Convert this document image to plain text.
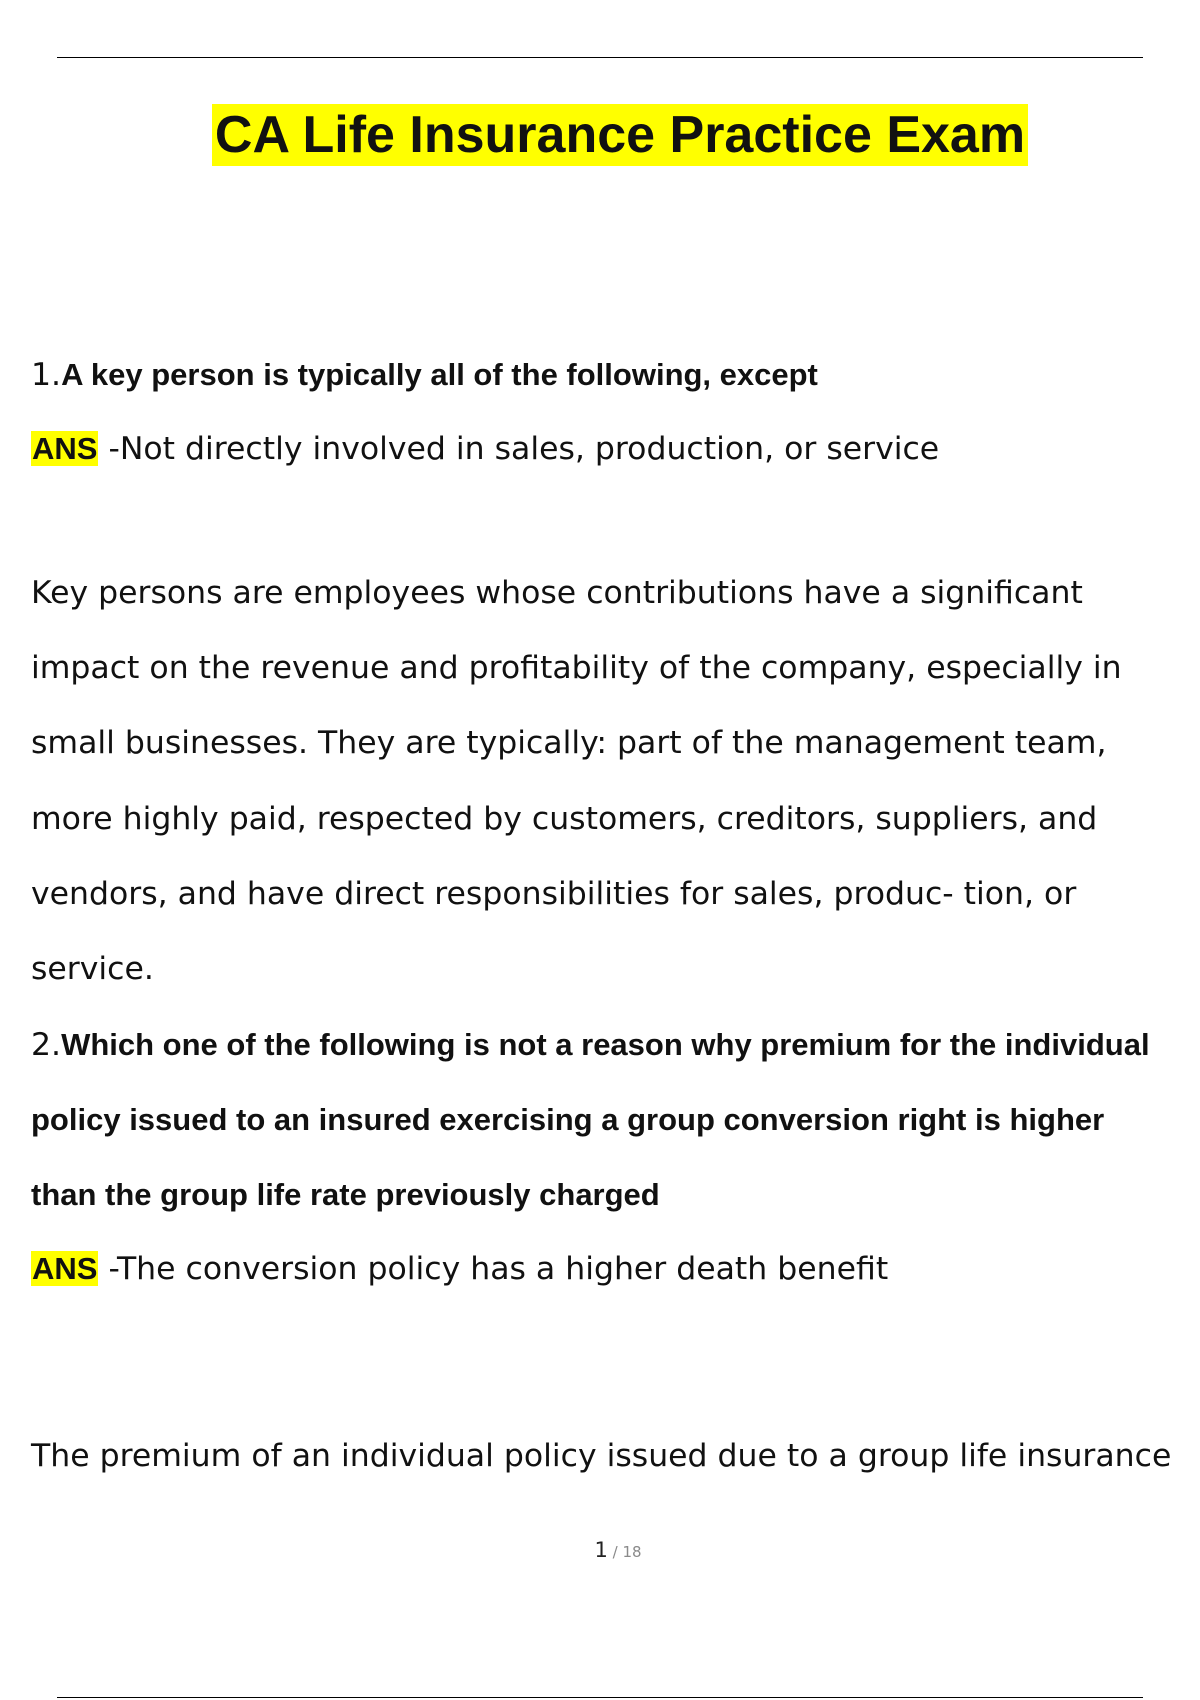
CA Life Insurance Practice Exam
1.A key person is typically all of the following, except
ANS -Not directly involved in sales, production, or service
Key persons are employees whose contributions have a significant
impact on the revenue and profitability of the company, especially in
small businesses. They are typically: part of the management team,
more highly paid, respected by customers, creditors, suppliers, and
vendors, and have direct responsibilities for sales, produc- tion, or
service.
2.Which one of the following is not a reason why premium for the individual
policy issued to an insured exercising a group conversion right is higher
than the group life rate previously charged
ANS -The conversion policy has a higher death benefit
The premium of an individual policy issued due to a group life insurance
1 / 18
